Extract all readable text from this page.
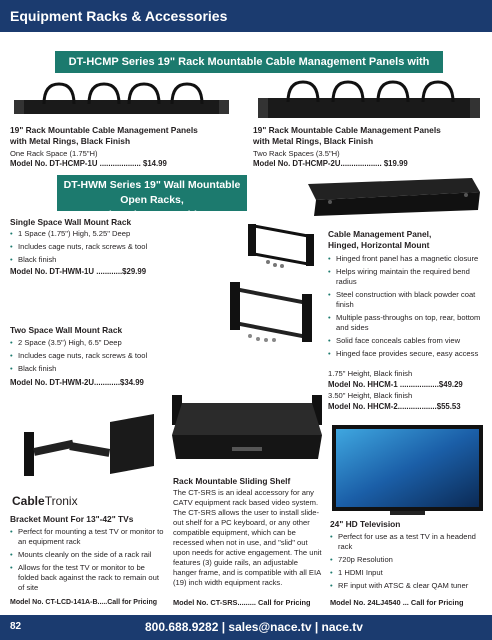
Equipment Racks & Accessories
DT-HCMP Series 19" Rack Mountable Cable Management Panels with Metal Rings
19" Rack Mountable Cable Management Panels
with Metal Rings, Black Finish
One Rack Space (1.75"H)
Model No. DT-HCMP-1U ................... $14.99
19" Rack Mountable Cable Management Panels
with Metal Rings, Black Finish
Two Rack Spaces (3.5"H)
Model No. DT-HCMP-2U................... $19.99
DT-HWM Series 19" Wall Mountable Open Racks,
Hinged On One Side
Single Space Wall Mount Rack
• 1 Space (1.75") High, 5.25" Deep
• Includes cage nuts, rack screws & tool
• Black finish
Model No. DT-HWM-1U ............$29.99
Two Space Wall Mount Rack
• 2 Space (3.5") High, 6.5" Deep
• Includes cage nuts, rack screws & tool
• Black finish
Model No. DT-HWM-2U............$34.99
Cable Management Panel,
Hinged, Horizontal Mount
• Hinged front panel has a magnetic closure
• Helps wiring maintain the required bend radius
• Steel construction with black powder coat finish
• Multiple pass-throughs on top, rear, bottom and sides
• Solid face conceals cables from view
• Hinged face provides secure, easy access
1.75" Height, Black finish
Model No. HHCM-1 ..................$49.29
3.50" Height, Black finish
Model No. HHCM-2..................$55.53
CableTronix
Bracket Mount For 13"-42" TVs
• Perfect for mounting a test TV or monitor to an equipment rack
• Mounts cleanly on the side of a rack rail
• Allows for the test TV or monitor to be folded back against the rack to remain out of site
Model No. CT-LCD-141A-B.....Call for Pricing
Rack Mountable Sliding Shelf
The CT-SRS is an ideal accessory for any CATV equipment rack based video system. The CT-SRS allows the user to install slide-out shelf for a PC keyboard, or any other compatible equipment, which can be recessed when not in use, and "slid" out upon needs for active engagement. The unit features (3) guide rails, an adjustable hanger frame, and is compatible with all EIA (19) inch width equipment racks.
Model No. CT-SRS......... Call for Pricing
24" HD Television
• Perfect for use as a test TV in a headend rack
• 720p Resolution
• 1 HDMI Input
• RF input with ATSC & clear QAM tuner
Model No. 24LJ4540 ... Call for Pricing
82	800.688.9282 | sales@nace.tv | nace.tv
